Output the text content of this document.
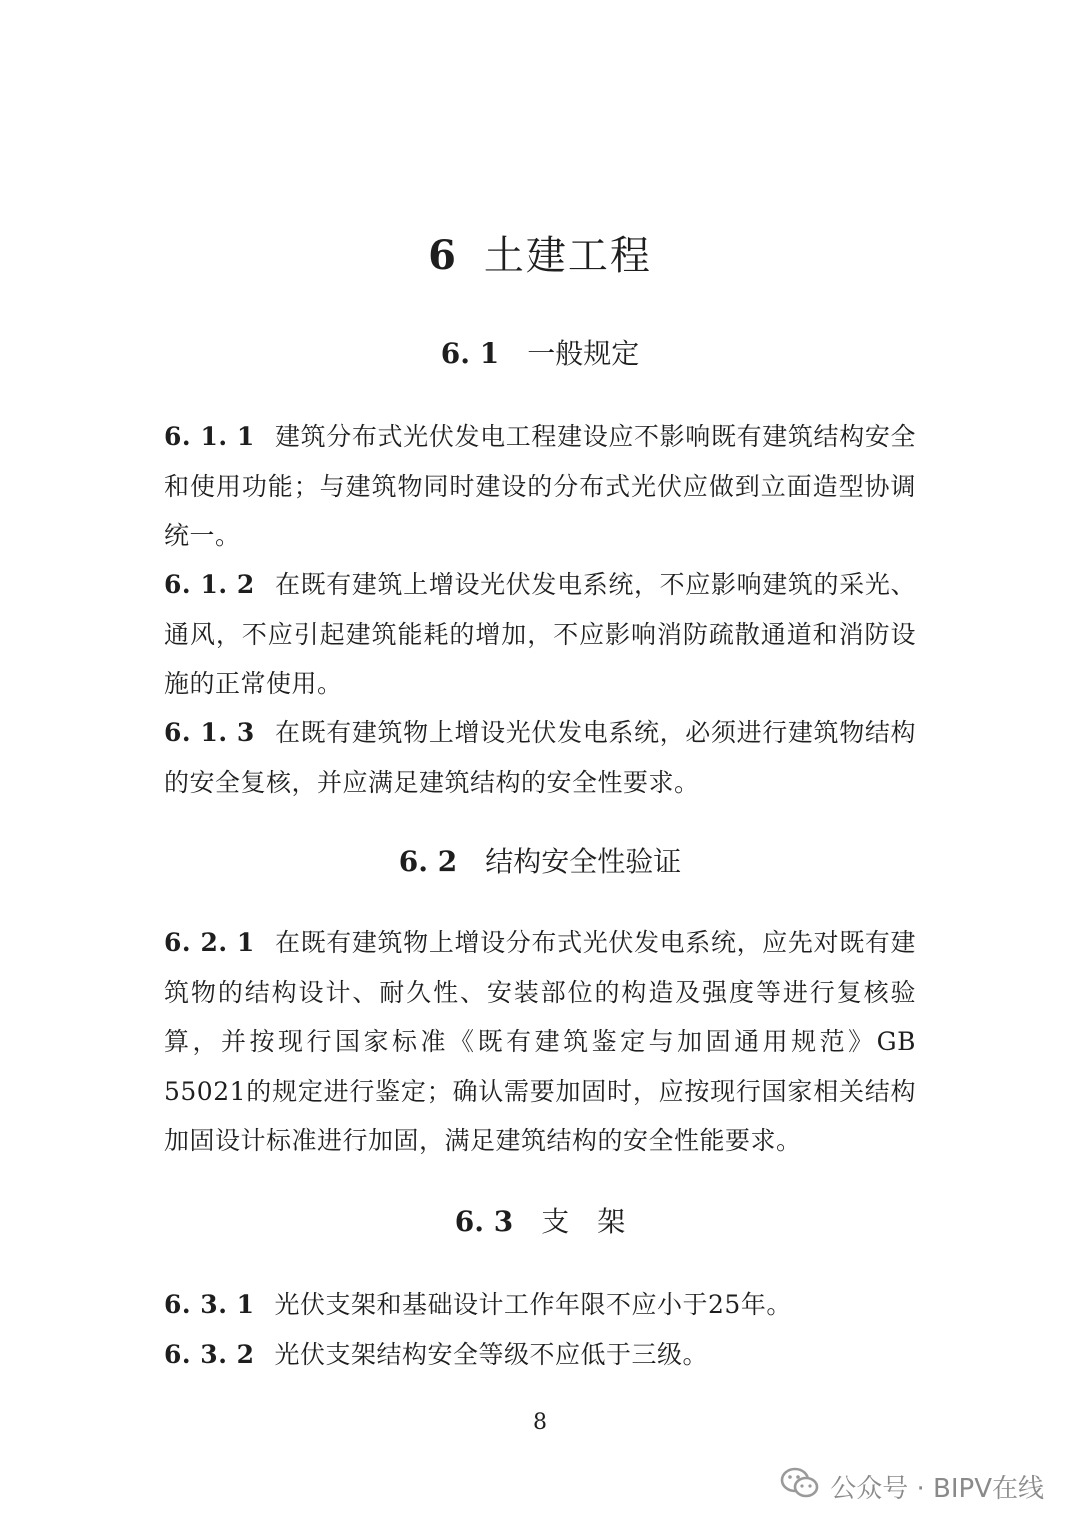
6 土建工程
6. 1 一般规定
6. 1. 1 建筑分布式光伏发电工程建设应不影响既有建筑结构安全和使用功能；与建筑物同时建设的分布式光伏应做到立面造型协调统一。
6. 1. 2 在既有建筑上增设光伏发电系统，不应影响建筑的采光、通风，不应引起建筑能耗的增加，不应影响消防疏散通道和消防设施的正常使用。
6. 1. 3 在既有建筑物上增设光伏发电系统，必须进行建筑物结构的安全复核，并应满足建筑结构的安全性要求。
6. 2 结构安全性验证
6. 2. 1 在既有建筑物上增设分布式光伏发电系统，应先对既有建筑物的结构设计、耐久性、安装部位的构造及强度等进行复核验算，并按现行国家标准《既有建筑鉴定与加固通用规范》GB 55021的规定进行鉴定；确认需要加固时，应按现行国家相关结构加固设计标准进行加固，满足建筑结构的安全性能要求。
6. 3 支　架
6. 3. 1 光伏支架和基础设计工作年限不应小于25年。
6. 3. 2 光伏支架结构安全等级不应低于三级。
8
公众号 · BIPV在线
